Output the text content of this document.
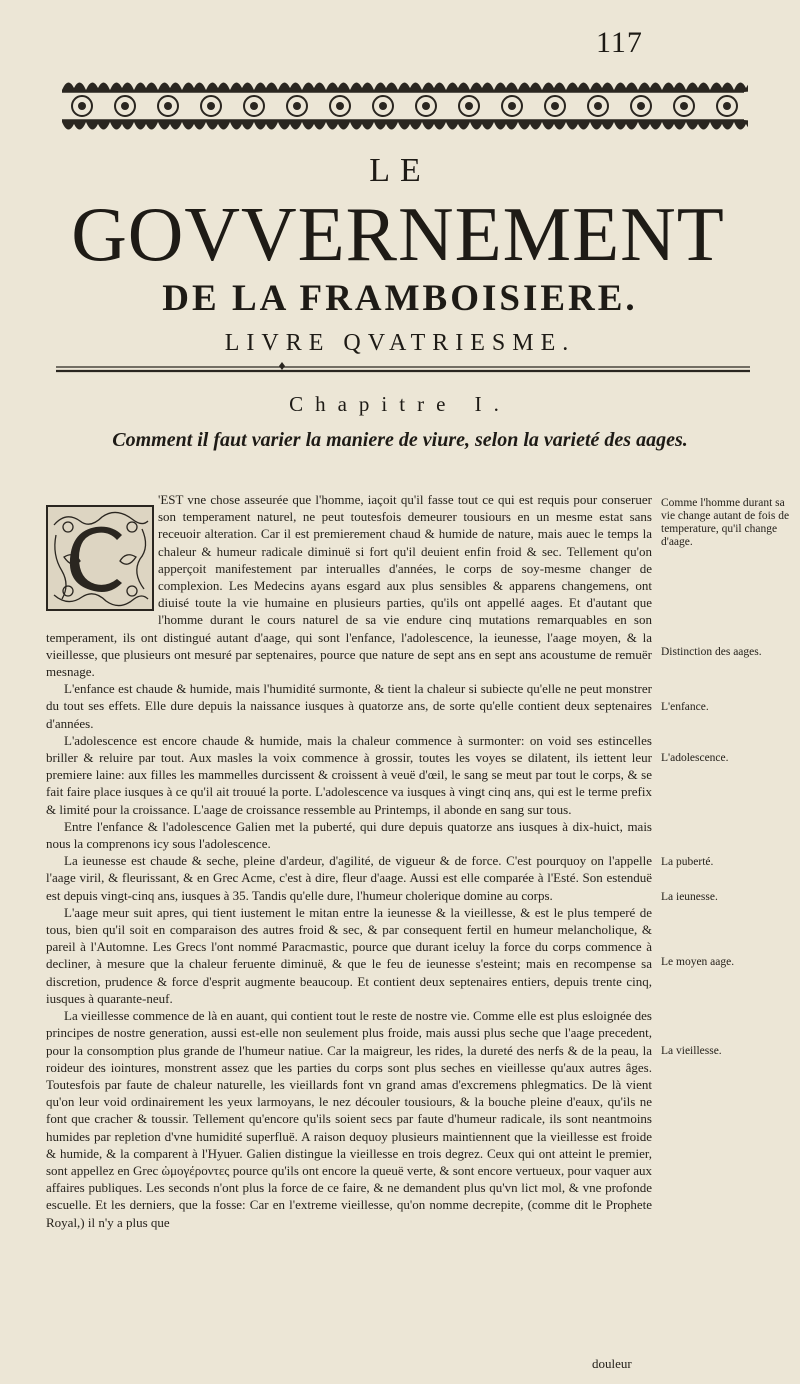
117
LE
GOVVERNEMENT
DE LA FRAMBOISIERE.
LIVRE QVATRIESME.
Chapitre I.
Comment il faut varier la maniere de viure, selon la varieté des aages.

'EST vne chose asseurée que l'homme, iaçoit qu'il fasse tout ce qui est requis pour conseruer son temperament naturel, ne peut toutesfois demeurer tousiours en un mesme estat sans receuoir alteration. Car il est premierement chaud & humide de nature, mais auec le temps la chaleur & humeur radicale diminuë si fort qu'il deuient enfin froid & sec. Tellement qu'on apperçoit manifestement par interualles d'années, le corps de soy-mesme changer de complexion. Les Medecins ayans esgard aux plus sensibles & apparens changemens, ont diuisé toute la vie humaine en plusieurs parties, qu'ils ont appellé aages. Et d'autant que l'homme durant le cours naturel de sa vie endure cinq mutations remarquables en son temperament, ils ont distingué autant d'aage, qui sont l'enfance, l'adolescence, la ieunesse, l'aage moyen, & la vieillesse, que plusieurs ont mesuré par septenaires, pource que nature de sept ans en sept ans acoustume de remuër mesnage.

L'enfance est chaude & humide, mais l'humidité surmonte, & tient la chaleur si subiecte qu'elle ne peut monstrer du tout ses effets. Elle dure depuis la naissance iusques à quatorze ans, de sorte qu'elle contient deux septenaires d'années.

L'adolescence est encore chaude & humide, mais la chaleur commence à surmonter: on void ses estincelles briller & reluire par tout. Aux masles la voix commence à grossir, toutes les voyes se dilatent, ils iettent leur premiere laine: aux filles les mammelles durcissent & croissent à veuë d'œil, le sang se meut par tout le corps, & se fait faire place iusques à ce qu'il ait trouué la porte. L'adolescence va iusques à vingt cinq ans, qui est le terme prefix & limité pour la croissance. L'aage de croissance ressemble au Printemps, il abonde en sang sur tous.

Entre l'enfance & l'adolescence Galien met la puberté, qui dure depuis quatorze ans iusques à dix-huict, mais nous la comprenons icy sous l'adolescence.

La ieunesse est chaude & seche, pleine d'ardeur, d'agilité, de vigueur & de force. C'est pourquoy on l'appelle l'aage viril, & fleurissant, & en Grec Acme, c'est à dire, fleur d'aage. Aussi est elle comparée à l'Esté. Son estenduë est depuis vingt-cinq ans, iusques à 35. Tandis qu'elle dure, l'humeur cholerique domine au corps.

L'aage meur suit apres, qui tient iustement le mitan entre la ieunesse & la vieillesse, & est le plus temperé de tous, bien qu'il soit en comparaison des autres froid & sec, & par consequent fertil en humeur melancholique, & pareil à l'Automne. Les Grecs l'ont nommé Paracmastic, pource que durant iceluy la force du corps commence à decliner, à mesure que la chaleur feruente diminuë, & que le feu de ieunesse s'esteint; mais en recompense sa discretion, prudence & force d'esprit augmente beaucoup. Et contient deux septenaires entiers, depuis trente cinq, iusques à quarante-neuf.

La vieillesse commence de là en auant, qui contient tout le reste de nostre vie. Comme elle est plus esloignée des principes de nostre generation, aussi est-elle non seulement plus froide, mais aussi plus seche que l'aage precedent, pour la consomption plus grande de l'humeur natiue. Car la maigreur, les rides, la dureté des nerfs & de la peau, la roideur des iointures, monstrent assez que les parties du corps sont plus seches en vieillesse qu'aux autres âges. Toutesfois par faute de chaleur naturelle, les vieillards font vn grand amas d'excremens phlegmatics. De là vient qu'on leur void ordinairement les yeux larmoyans, le nez découler tousiours, & la bouche pleine d'eaux, qu'ils ne font que cracher & toussir. Tellement qu'encore qu'ils soient secs par faute d'humeur radicale, ils sont neantmoins humides par repletion d'vne humidité superfluë. A raison dequoy plusieurs maintiennent que la vieillesse est froide & humide, & la comparent à l'Hyuer. Galien distingue la vieillesse en trois degrez. Ceux qui ont atteint le premier, sont appellez en Grec ὠμογέροντες pource qu'ils ont encore la queuë verte, & sont encore vertueux, pour vaquer aux affaires publiques. Les seconds n'ont plus la force de ce faire, & ne demandent plus qu'vn lict mol, & vne profonde escuelle. Et les derniers, que la fosse: Car en l'extreme vieillesse, qu'on nomme decrepite, (comme dit le Prophete Royal,) il n'y a plus que

Comme l'homme durant sa vie change autant de fois de temperature, qu'il change d'aage.
Distinction des aages.
L'enfance.
L'adolescence.
La puberté.
La ieunesse.
Le moyen aage.
La vieillesse.
douleur
